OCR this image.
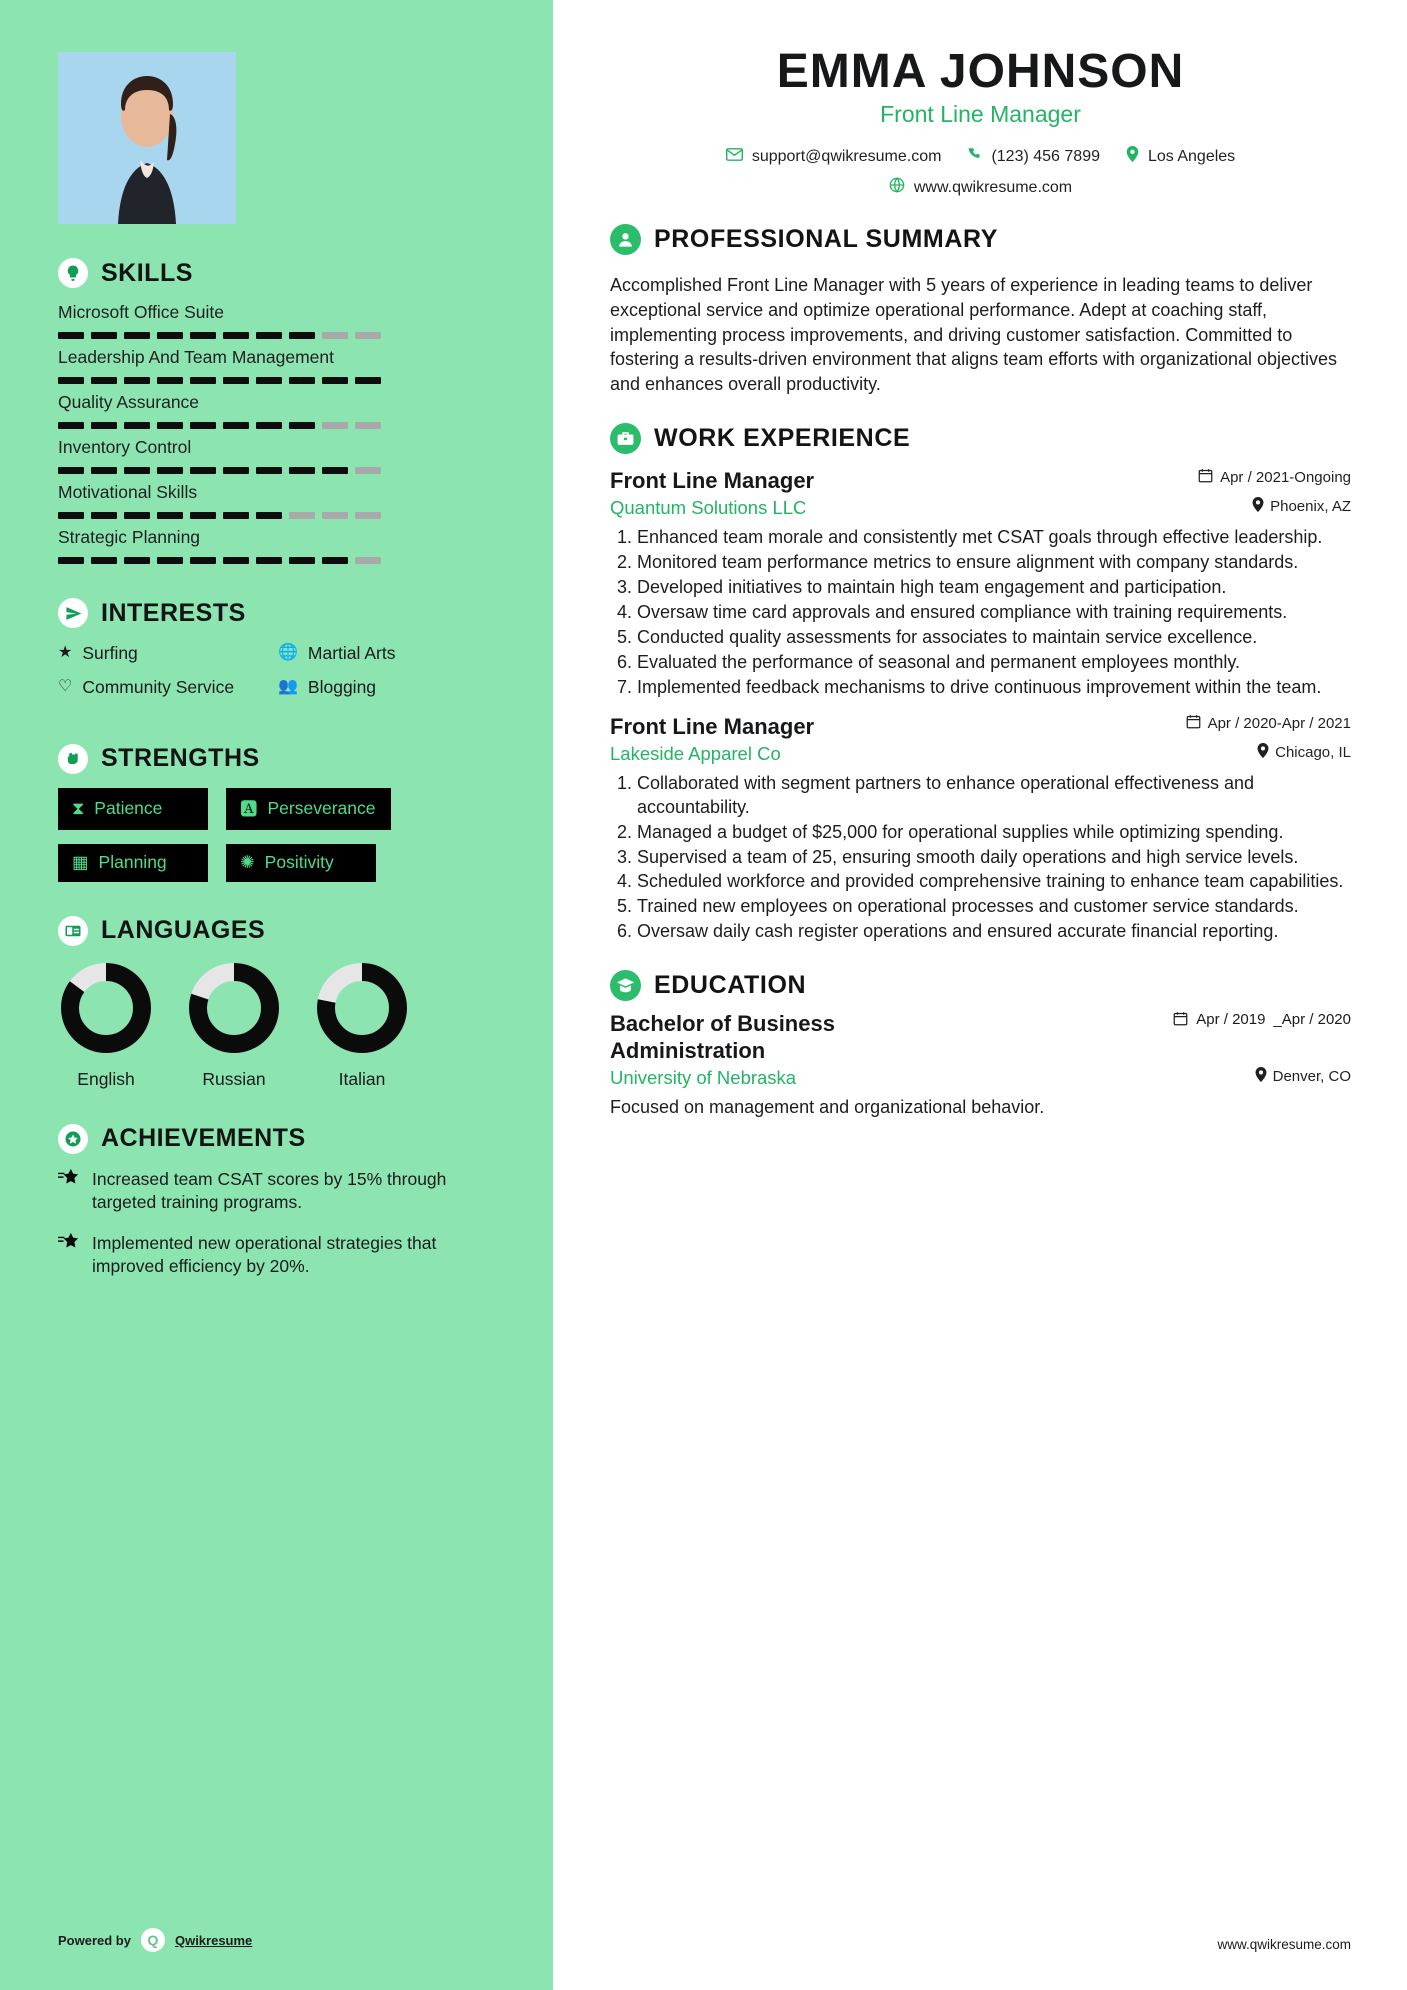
SKILLS
Microsoft Office Suite
Leadership And Team Management
Quality Assurance
Inventory Control
Motivational Skills
Strategic Planning
INTERESTS
★ Surfing	🌐 Martial Arts
♡ Community Service	👥 Blogging
STRENGTHS
⧗ Patience	🅰 Perseverance
▦ Planning	✺ Positivity
LANGUAGES
English	Russian	Italian
ACHIEVEMENTS
Increased team CSAT scores by 15% through targeted training programs.
Implemented new operational strategies that improved efficiency by 20%.
Powered by Q Qwikresume
EMMA JOHNSON
Front Line Manager
support@qwikresume.com	(123) 456 7899	Los Angeles
www.qwikresume.com
PROFESSIONAL SUMMARY

Accomplished Front Line Manager with 5 years of experience in leading teams to deliver exceptional service and optimize operational performance. Adept at coaching staff, implementing process improvements, and driving customer satisfaction. Committed to fostering a results-driven environment that aligns team efforts with organizational objectives and enhances overall productivity.

WORK EXPERIENCE
Front Line Manager	Apr / 2021-Ongoing
Quantum Solutions LLC	Phoenix, AZ
1. Enhanced team morale and consistently met CSAT goals through effective leadership.
2. Monitored team performance metrics to ensure alignment with company standards.
3. Developed initiatives to maintain high team engagement and participation.
4. Oversaw time card approvals and ensured compliance with training requirements.
5. Conducted quality assessments for associates to maintain service excellence.
6. Evaluated the performance of seasonal and permanent employees monthly.
7. Implemented feedback mechanisms to drive continuous improvement within the team.
Front Line Manager	Apr / 2020-Apr / 2021
Lakeside Apparel Co	Chicago, IL
1. Collaborated with segment partners to enhance operational effectiveness and accountability.
2. Managed a budget of $25,000 for operational supplies while optimizing spending.
3. Supervised a team of 25, ensuring smooth daily operations and high service levels.
4. Scheduled workforce and provided comprehensive training to enhance team capabilities.
5. Trained new employees on operational processes and customer service standards.
6. Oversaw daily cash register operations and ensured accurate financial reporting.
EDUCATION
Bachelor of Business Administration
Apr / 2019 _Apr / 2020
University of Nebraska	Denver, CO
Focused on management and organizational behavior.
www.qwikresume.com
